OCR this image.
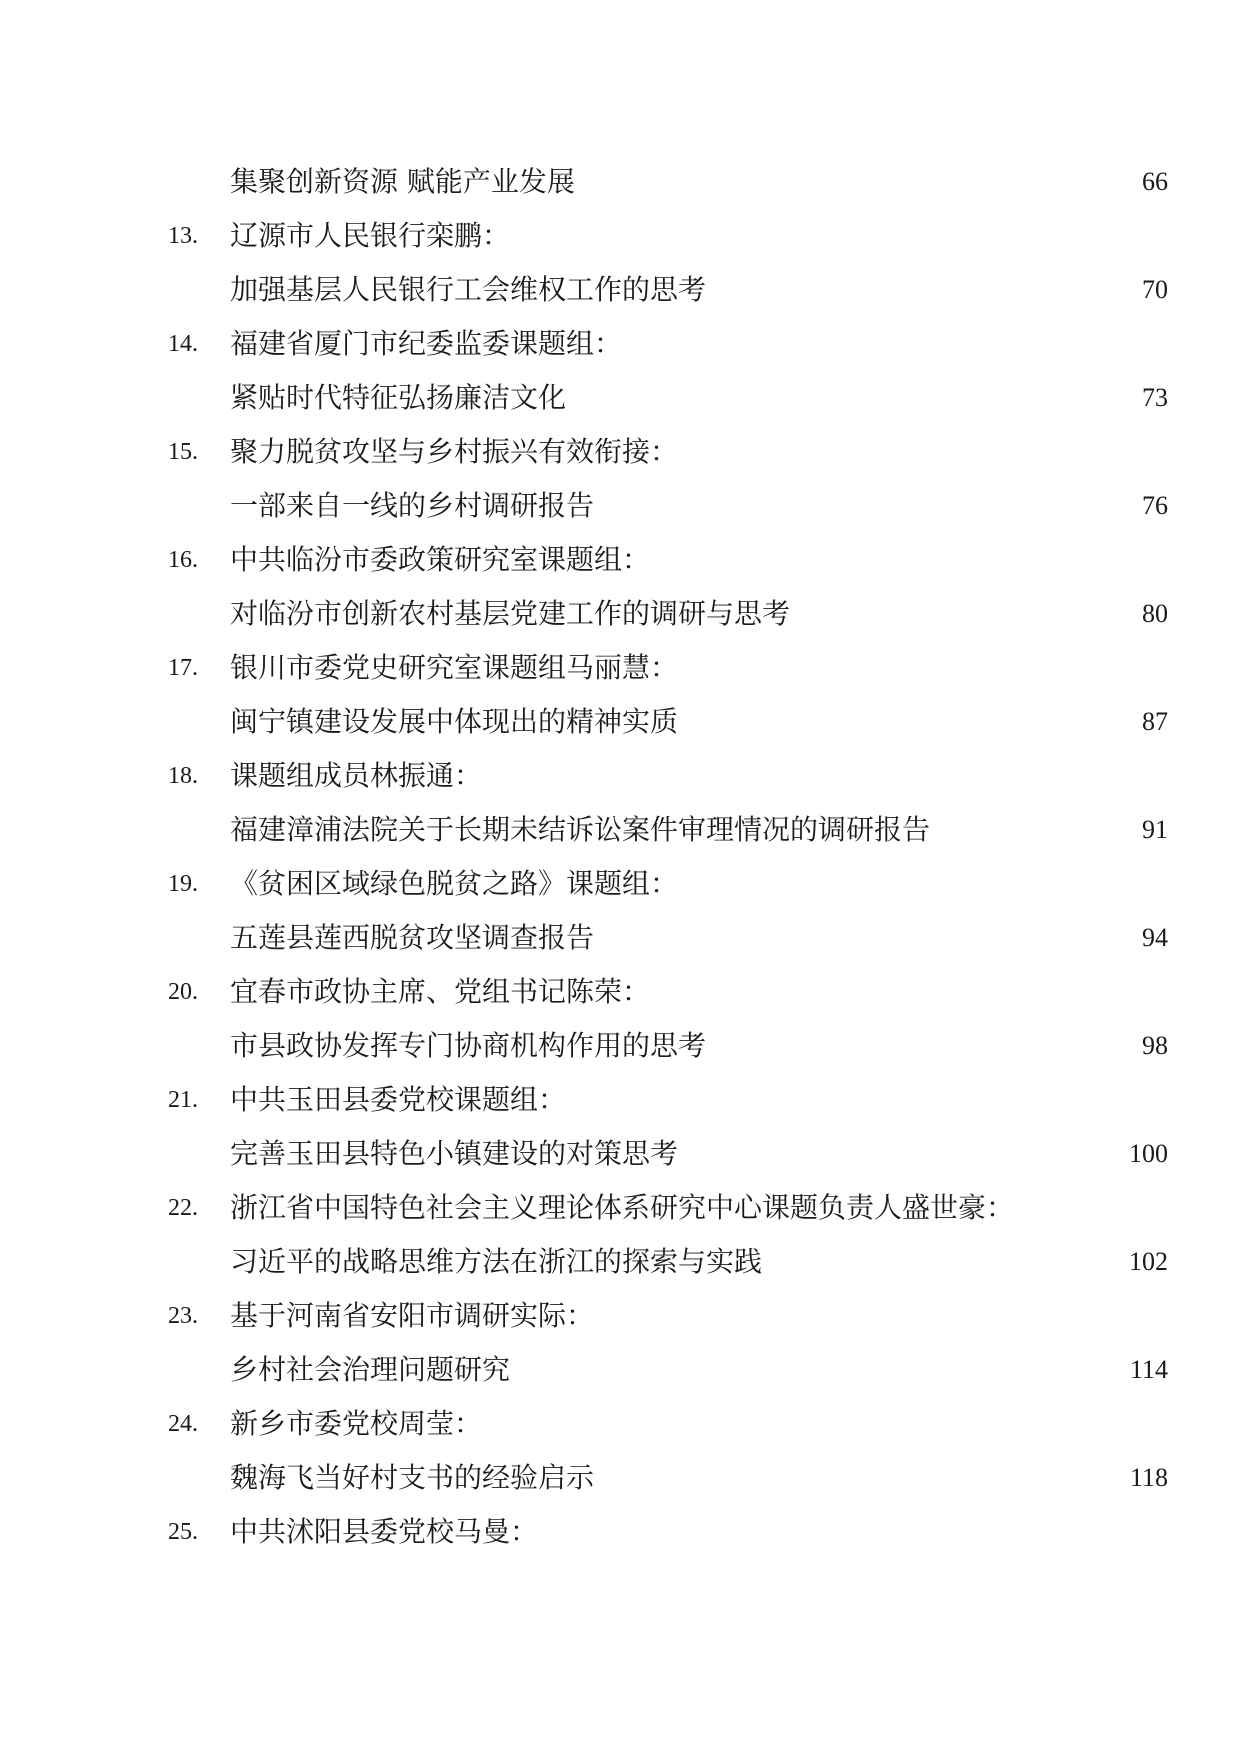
集聚创新资源 赋能产业发展	66
13. 辽源市人民银行栾鹏：
加强基层人民银行工会维权工作的思考	70
14. 福建省厦门市纪委监委课题组：
紧贴时代特征弘扬廉洁文化	73
15. 聚力脱贫攻坚与乡村振兴有效衔接：
一部来自一线的乡村调研报告	76
16. 中共临汾市委政策研究室课题组：
对临汾市创新农村基层党建工作的调研与思考	80
17. 银川市委党史研究室课题组马丽慧：
闽宁镇建设发展中体现出的精神实质	87
18. 课题组成员林振通：
福建漳浦法院关于长期未结诉讼案件审理情况的调研报告	91
19. 《贫困区域绿色脱贫之路》课题组：
五莲县莲西脱贫攻坚调查报告	94
20. 宜春市政协主席、党组书记陈荣：
市县政协发挥专门协商机构作用的思考	98
21. 中共玉田县委党校课题组：
完善玉田县特色小镇建设的对策思考	100
22. 浙江省中国特色社会主义理论体系研究中心课题负责人盛世豪：
习近平的战略思维方法在浙江的探索与实践	102
23. 基于河南省安阳市调研实际：
乡村社会治理问题研究	114
24. 新乡市委党校周莹：
魏海飞当好村支书的经验启示	118
25. 中共沭阳县委党校马曼：
